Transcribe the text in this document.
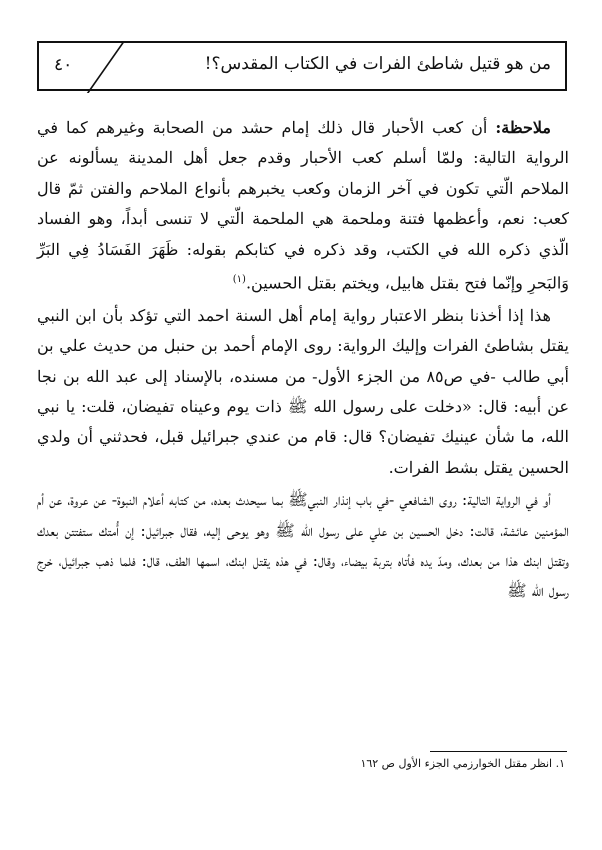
من هو قتيل شاطئ الفرات في الكتاب المقدس؟!
٤٠

ملاحظة: أن كعب الأحبار قال ذلك إمام حشد من الصحابة وغيرهم كما في الرواية التالية: ولمّا أسلم كعب الأحبار وقدم جعل أهل المدينة يسألونه عن الملاحم الّتي تكون في آخر الزمان وكعب يخبرهم بأنواع الملاحم والفتن ثمّ قال كعب: نعم، وأعظمها فتنة وملحمة هي الملحمة الّتي لا تنسى أبداً، وهو الفساد الّذي ذكره الله في الكتب، وقد ذكره في كتابكم بقوله: ظَهَرَ الفَسَادُ فِي البَرِّ وَالبَحرِ وإنّما فتح بقتل هابيل، ويختم بقتل الحسين.$^{(١)}$

هذا إذا أخذنا بنظر الاعتبار رواية إمام أهل السنة احمد التي تؤكد بأن ابن النبي يقتل بشاطئ الفرات وإليك الرواية: روى الإمام أحمد بن حنبل من حديث علي بن أبي طالب -في ص٨٥ من الجزء الأول- من مسنده، بالإسناد إلى عبد الله بن نجا عن أبيه: قال: «دخلت على رسول الله ﷺ ذات يوم وعيناه تفيضان، قلت: يا نبي الله، ما شأن عينيك تفيضان؟ قال: قام من عندي جبرائيل قبل، فحدثني أن ولدي الحسين يقتل بشط الفرات.

أو في الرواية التالية: روى الشافعي -في باب إنذار النبيﷺ بما سيحدث بعده، من كتابه أعلام النبوة- عن عروة، عن أم المؤمنين عائشة، قالت: دخل الحسين بن علي على رسول الله ﷺ وهو يوحى إليه، فقال جبرائيل: إن أُمتك ستفتتن بعدك وتقتل ابنك هذا من بعدك، ومدّ يده فأتاه بتربة بيضاء، وقال: في هذه يقتل ابنك، اسمها الطف، قال: فلما ذهب جبرائيل، خرج رسول الله ﷺ

١. انظر مقتل الخوارزمي الجزء الأول ص ١٦٢
